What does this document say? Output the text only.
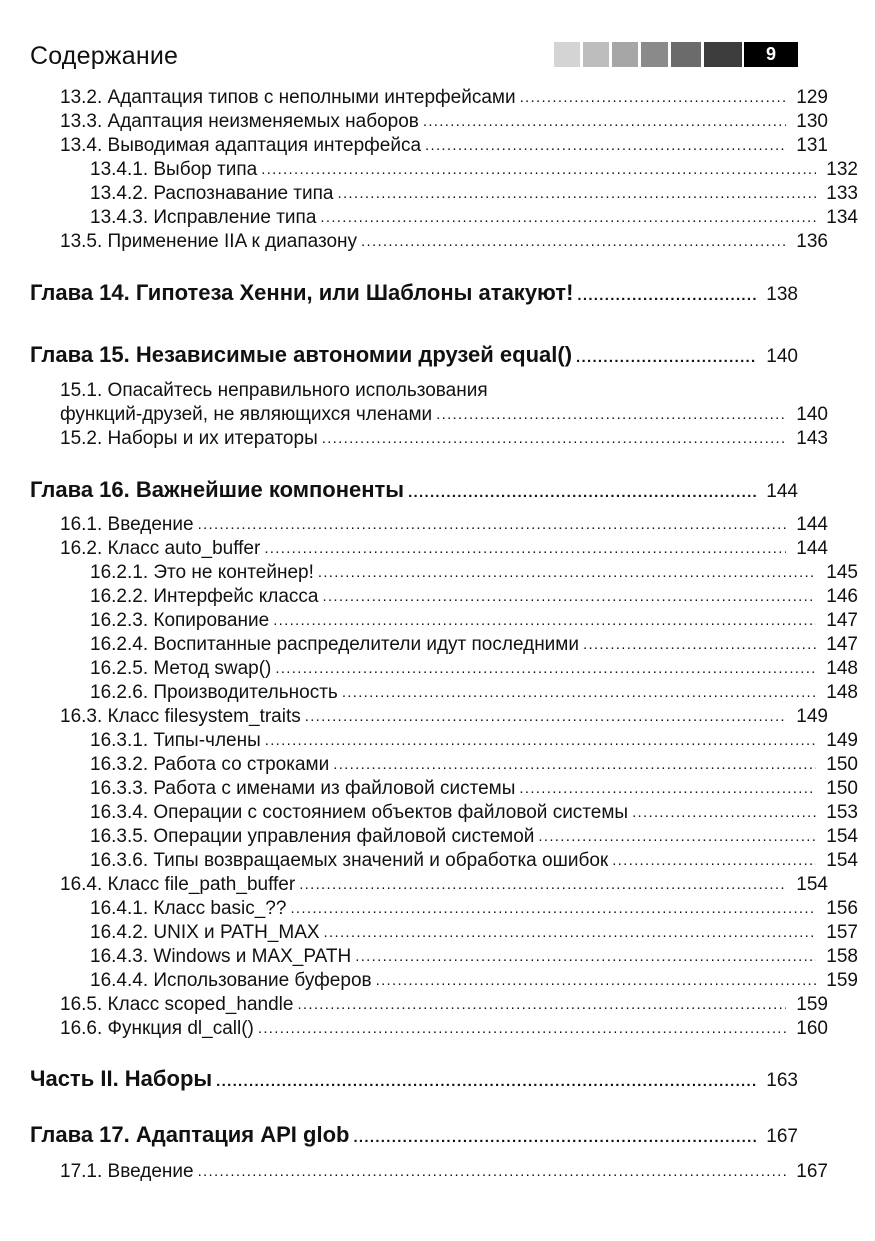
Содержание	9
13.2. Адаптация типов с неполными интерфейсами .....	129
13.3. Адаптация неизменяемых наборов .....	130
13.4. Выводимая адаптация интерфейса .....	131
13.4.1. Выбор типа .....	132
13.4.2. Распознавание типа .....	133
13.4.3. Исправление типа .....	134
13.5. Применение IIA к диапазону .....	136
Глава 14. Гипотеза Хенни, или Шаблоны атакуют! .....	138
Глава 15. Независимые автономии друзей equal() .....	140
15.1. Опасайтесь неправильного использования
функций-друзей, не являющихся членами .....	140
15.2. Наборы и их итераторы .....	143
Глава 16. Важнейшие компоненты .....	144
16.1. Введение .....	144
16.2. Класс auto_buffer .....	144
16.2.1. Это не контейнер! .....	145
16.2.2. Интерфейс класса .....	146
16.2.3. Копирование .....	147
16.2.4. Воспитанные распределители идут последними .....	147
16.2.5. Метод swap() .....	148
16.2.6. Производительность .....	148
16.3. Класс filesystem_traits .....	149
16.3.1. Типы-члены .....	149
16.3.2. Работа со строками .....	150
16.3.3. Работа с именами из файловой системы .....	150
16.3.4. Операции с состоянием объектов файловой системы .....	153
16.3.5. Операции управления файловой системой .....	154
16.3.6. Типы возвращаемых значений и обработка ошибок .....	154
16.4. Класс file_path_buffer .....	154
16.4.1. Класс basic_?? .....	156
16.4.2. UNIX и PATH_MAX .....	157
16.4.3. Windows и MAX_PATH .....	158
16.4.4. Использование буферов .....	159
16.5. Класс scoped_handle .....	159
16.6. Функция dl_call() .....	160
Часть II. Наборы .....	163
Глава 17. Адаптация API glob .....	167
17.1. Введение .....	167
